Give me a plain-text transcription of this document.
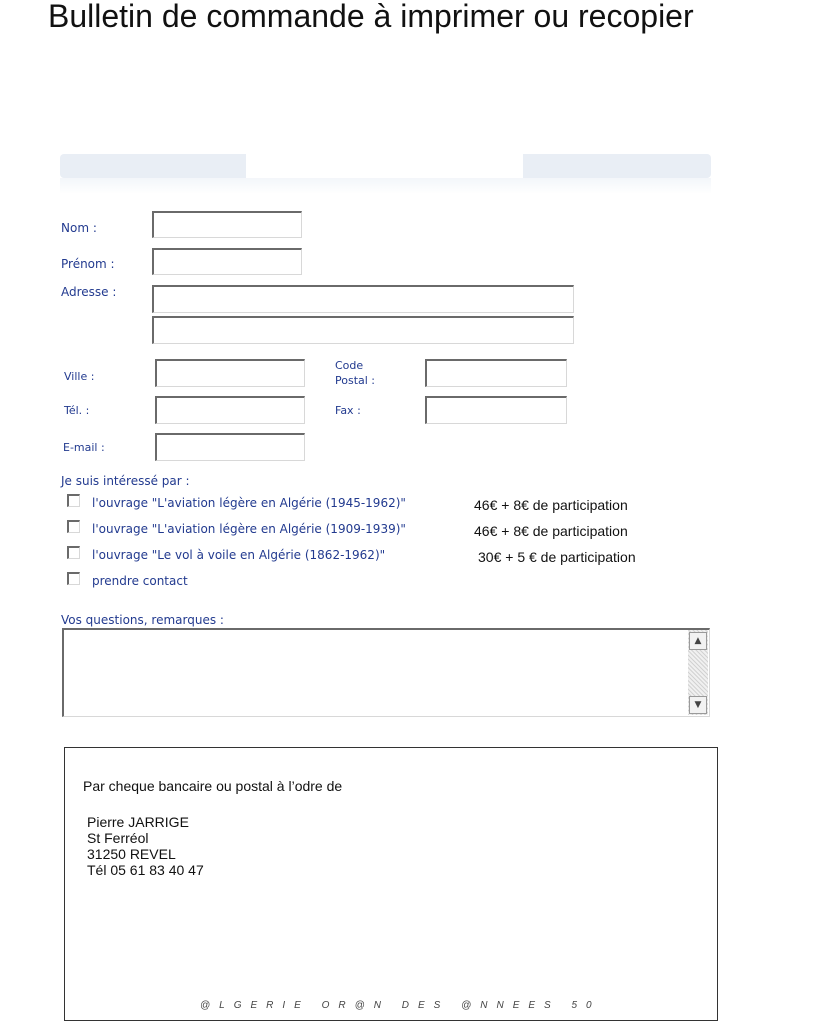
Bulletin de commande à imprimer ou recopier
Nom :
Prénom :
Adresse :
Ville :
Code
Postal :
Tél. :	Fax :
E-mail :
Je suis intéressé par :
l'ouvrage "L'aviation légère en Algérie (1945-1962)"	46€ + 8€ de participation
l'ouvrage "L'aviation légère en Algérie (1909-1939)"	46€ + 8€ de participation
l'ouvrage "Le vol à voile en Algérie (1862-1962)"	30€ + 5 € de participation
prendre contact
Vos questions, remarques :
▲
▼
Par cheque bancaire ou postal à l’odre de
Pierre JARRIGE
St Ferréol
31250 REVEL
Tél 05 61 83 40 47
@LGERIE OR@N DES @NNEES 50
